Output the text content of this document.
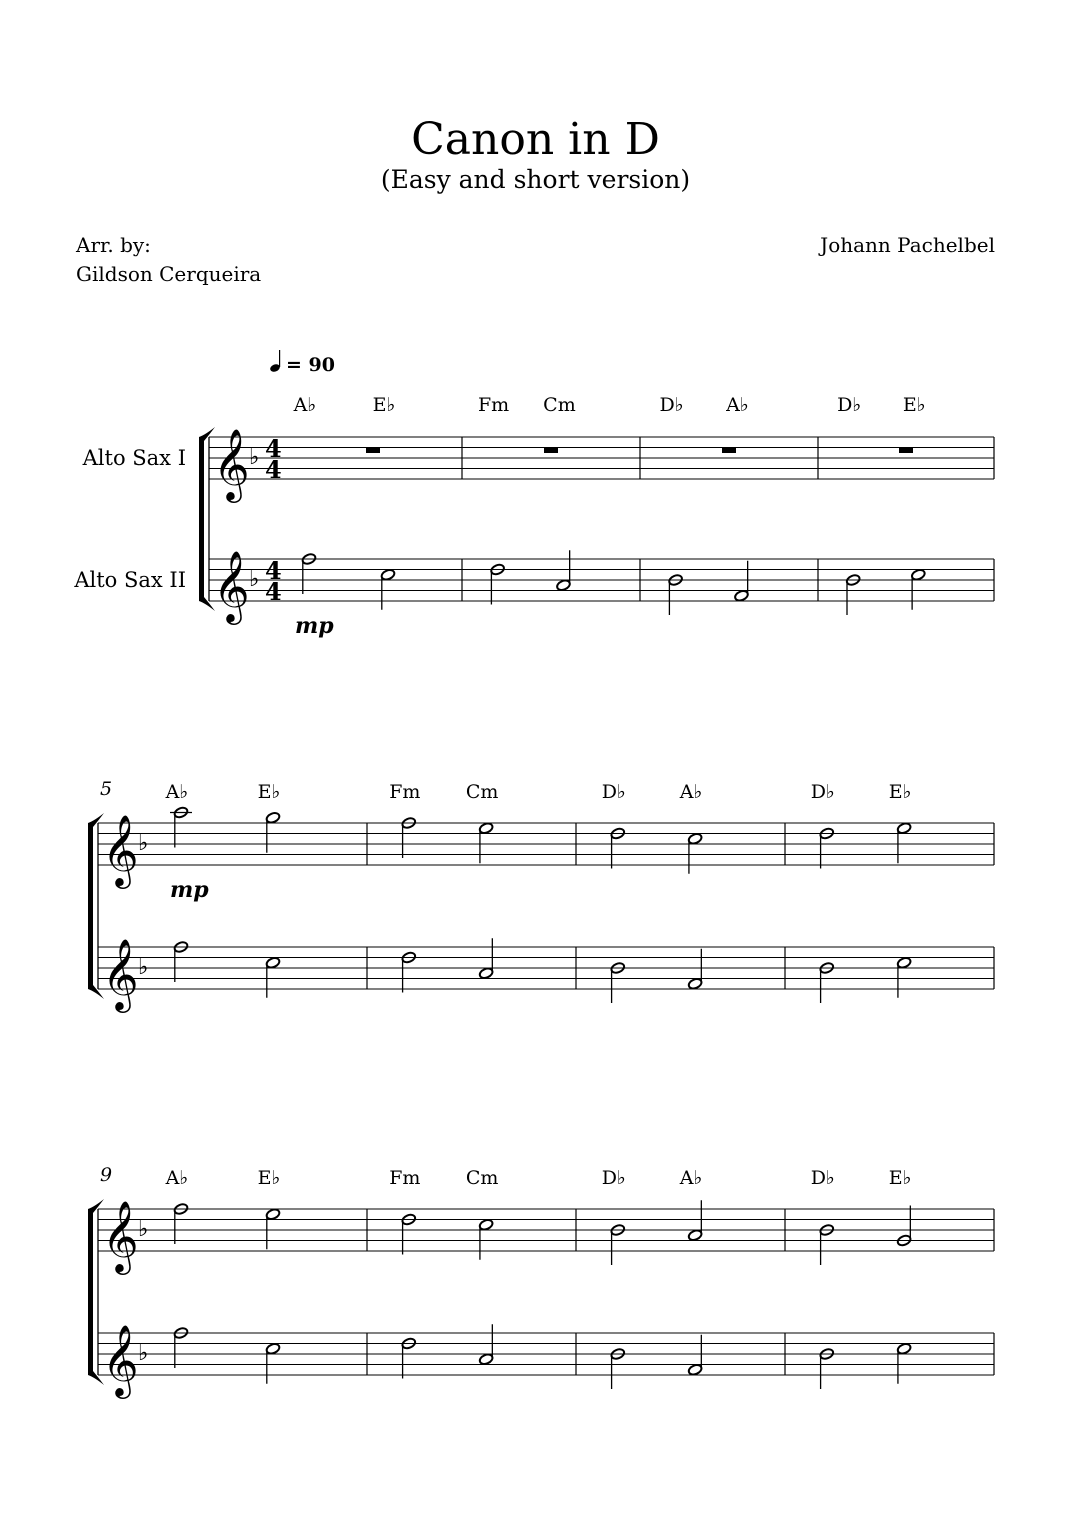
Canon in D
(Easy and short version)
Arr. by:
Gildson Cerqueira
Johann Pachelbel
𝄞 ♭ 4
4
𝄞 ♭ 4
4
Alto Sax I
Alto Sax II
= 90
A♭	E♭	Fm Cm	D♭ A♭	D♭ E♭
mp
𝄞 ♭
𝄞 ♭
5	A♭	E♭	Fm Cm	D♭	A♭	D♭	E♭
mp
𝄞 ♭
𝄞 ♭
9	A♭	E♭	Fm Cm	D♭	A♭	D♭	E♭
